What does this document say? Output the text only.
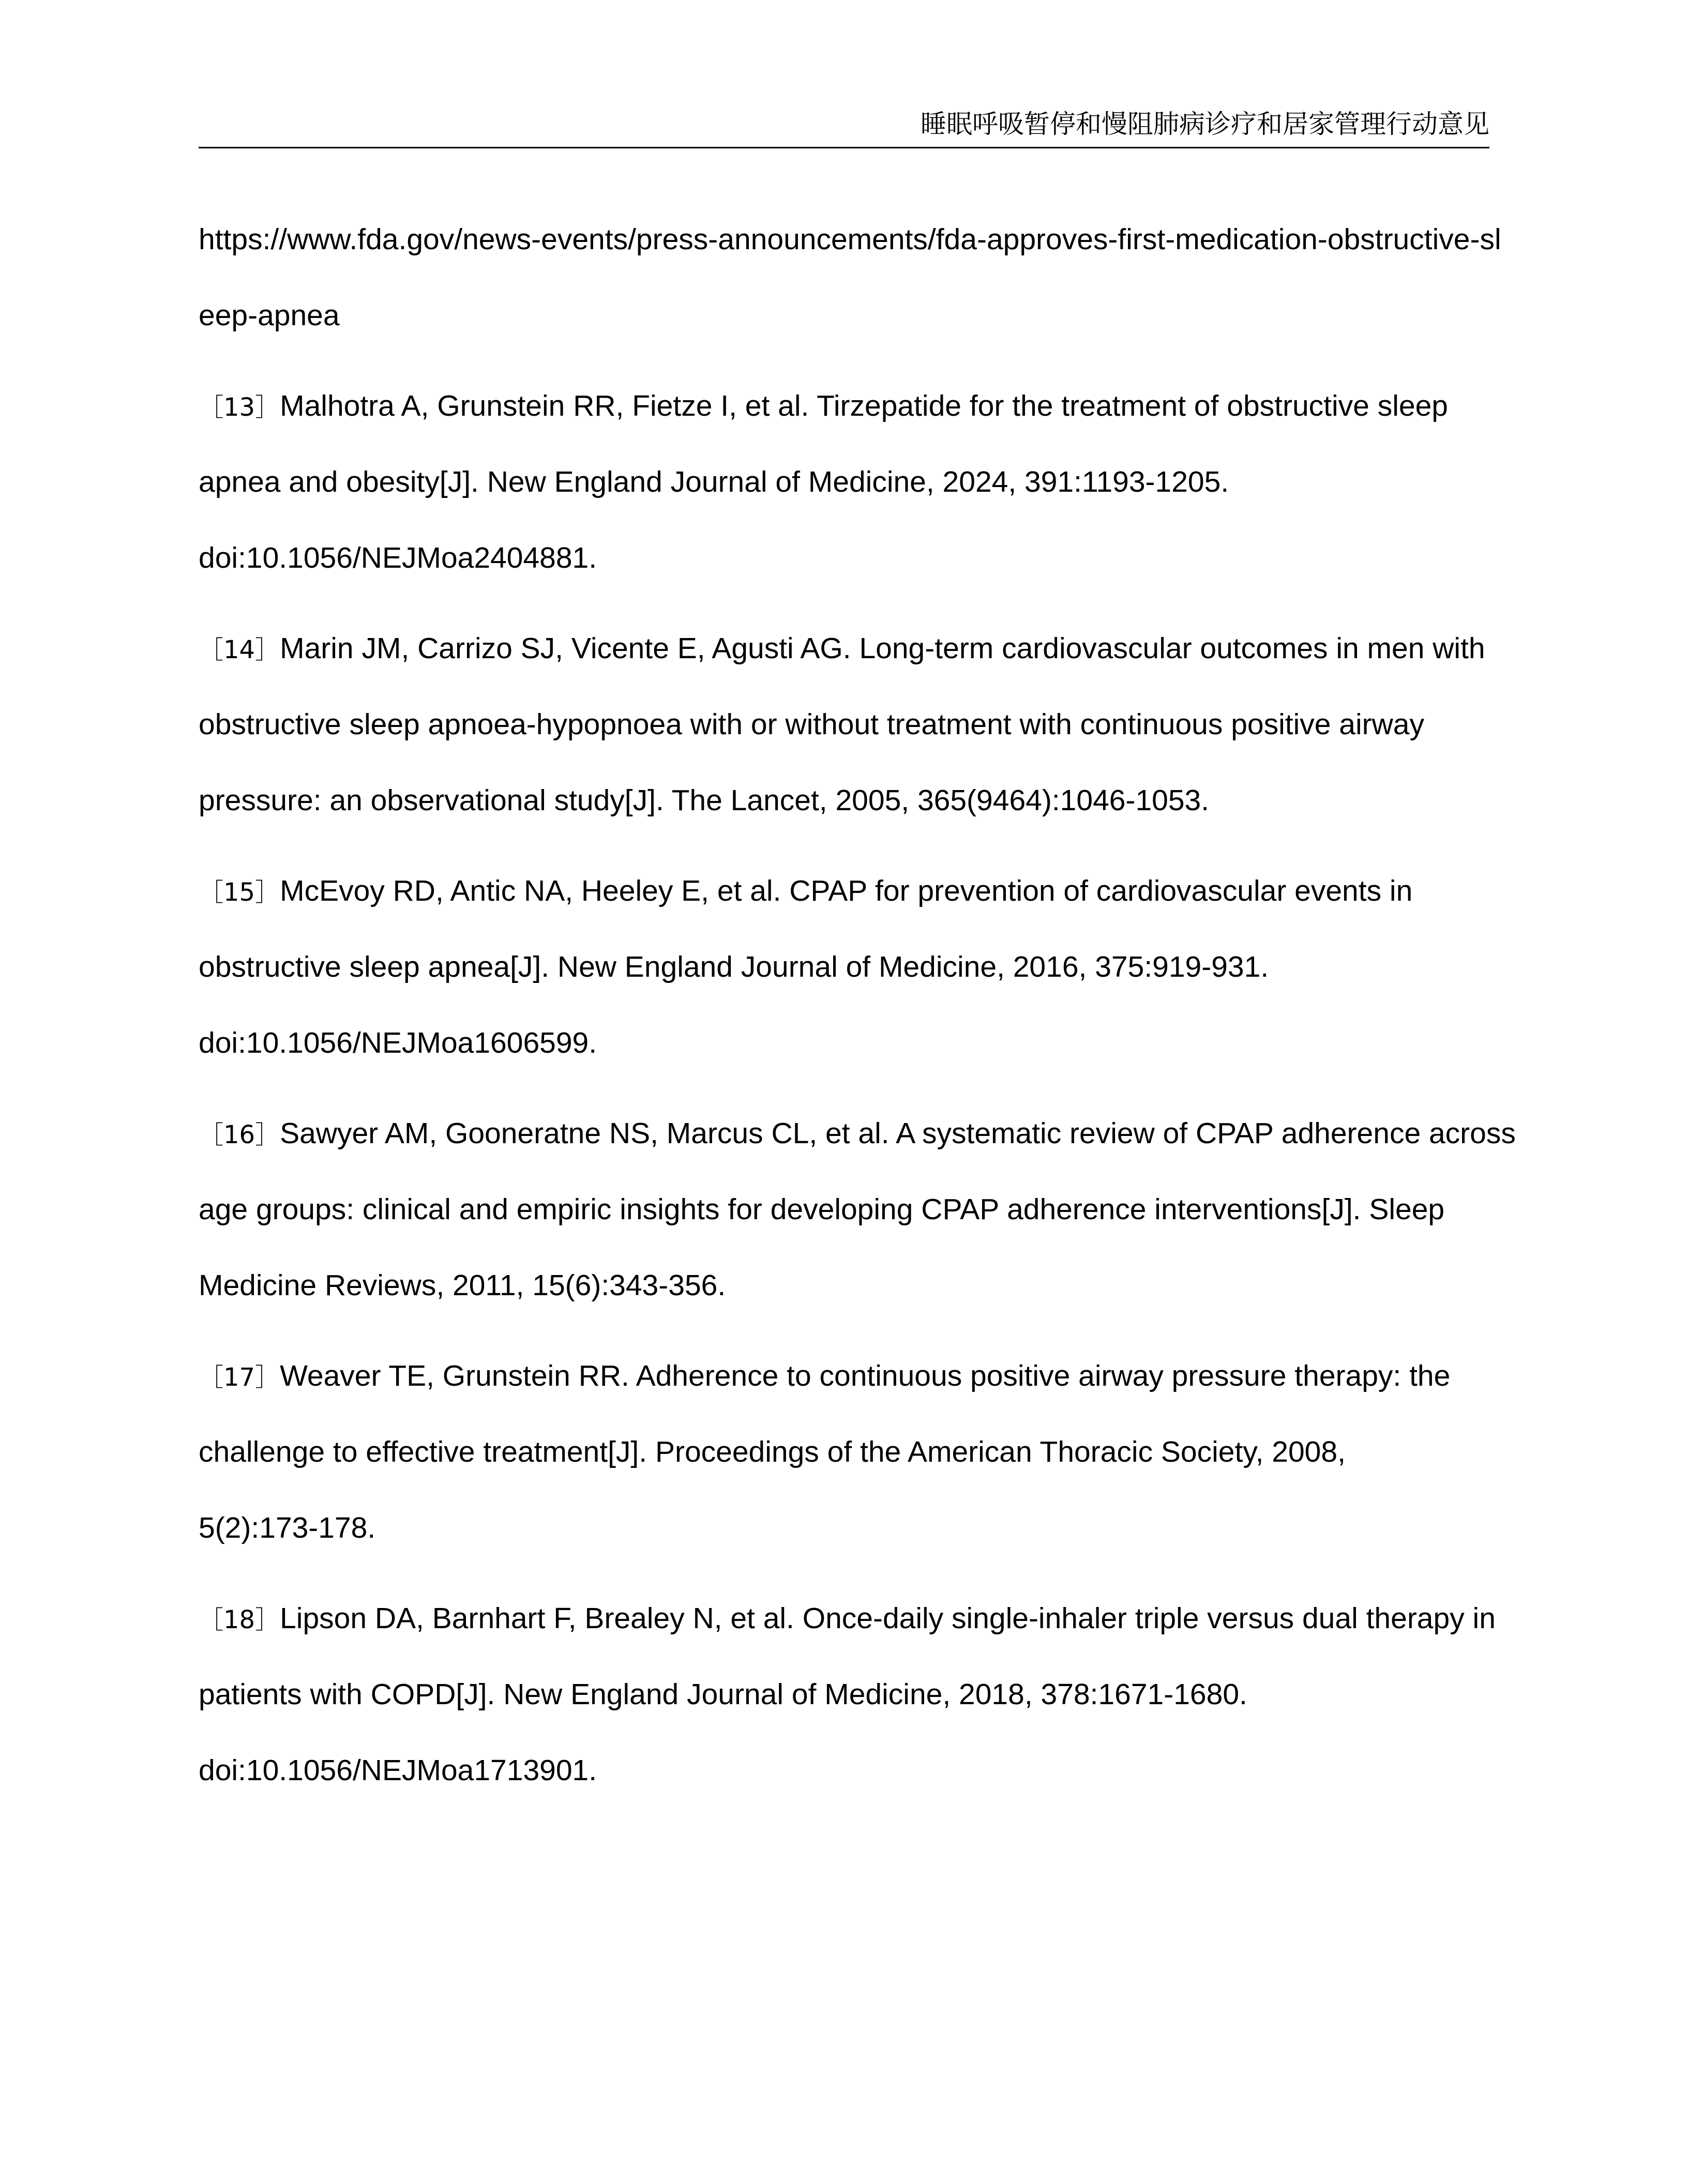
睡眠呼吸暂停和慢阻肺病诊疗和居家管理行动意见
https://www.fda.gov/news-events/press-announcements/fda-approves-first-medication-obstructive-sl
eep-apnea
［13］Malhotra A, Grunstein RR, Fietze I, et al. Tirzepatide for the treatment of obstructive sleep
apnea and obesity[J]. New England Journal of Medicine, 2024, 391:1193-1205.
doi:10.1056/NEJMoa2404881.
［14］Marin JM, Carrizo SJ, Vicente E, Agusti AG. Long-term cardiovascular outcomes in men with
obstructive sleep apnoea-hypopnoea with or without treatment with continuous positive airway
pressure: an observational study[J]. The Lancet, 2005, 365(9464):1046-1053.
［15］McEvoy RD, Antic NA, Heeley E, et al. CPAP for prevention of cardiovascular events in
obstructive sleep apnea[J]. New England Journal of Medicine, 2016, 375:919-931.
doi:10.1056/NEJMoa1606599.
［16］Sawyer AM, Gooneratne NS, Marcus CL, et al. A systematic review of CPAP adherence across
age groups: clinical and empiric insights for developing CPAP adherence interventions[J]. Sleep
Medicine Reviews, 2011, 15(6):343-356.
［17］Weaver TE, Grunstein RR. Adherence to continuous positive airway pressure therapy: the
challenge to effective treatment[J]. Proceedings of the American Thoracic Society, 2008,
5(2):173-178.
［18］Lipson DA, Barnhart F, Brealey N, et al. Once-daily single-inhaler triple versus dual therapy in
patients with COPD[J]. New England Journal of Medicine, 2018, 378:1671-1680.
doi:10.1056/NEJMoa1713901.
